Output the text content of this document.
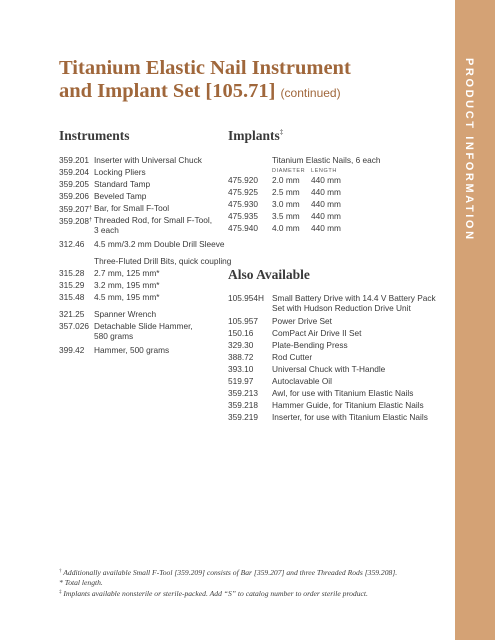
PRODUCT INFORMATION
Titanium Elastic Nail Instrument
and Implant Set [105.71] (continued)
Instruments
359.201 Inserter with Universal Chuck
359.204 Locking Pliers
359.205 Standard Tamp
359.206 Beveled Tamp
359.207† Bar, for Small F-Tool
359.208† Threaded Rod, for Small F-Tool,
3 each
312.46 4.5 mm/3.2 mm Double Drill Sleeve
Three-Fluted Drill Bits, quick coupling
315.28 2.7 mm, 125 mm*
315.29 3.2 mm, 195 mm*
315.48 4.5 mm, 195 mm*
321.25 Spanner Wrench
357.026 Detachable Slide Hammer,
580 grams
399.42 Hammer, 500 grams
Implants‡
Titanium Elastic Nails, 6 each
DIAMETER LENGTH
475.920 2.0 mm 440 mm
475.925 2.5 mm 440 mm
475.930 3.0 mm 440 mm
475.935 3.5 mm 440 mm
475.940 4.0 mm 440 mm
Also Available
105.954H Small Battery Drive with 14.4 V Battery Pack
Set with Hudson Reduction Drive Unit
105.957 Power Drive Set
150.16 ComPact Air Drive II Set
329.30 Plate-Bending Press
388.72 Rod Cutter
393.10 Universal Chuck with T-Handle
519.97 Autoclavable Oil
359.213 Awl, for use with Titanium Elastic Nails
359.218 Hammer Guide, for Titanium Elastic Nails
359.219 Inserter, for use with Titanium Elastic Nails
† Additionally available Small F-Tool [359.209] consists of Bar [359.207] and three Threaded Rods [359.208].
* Total length.
‡ Implants available nonsterile or sterile-packed. Add “S” to catalog number to order sterile product.
